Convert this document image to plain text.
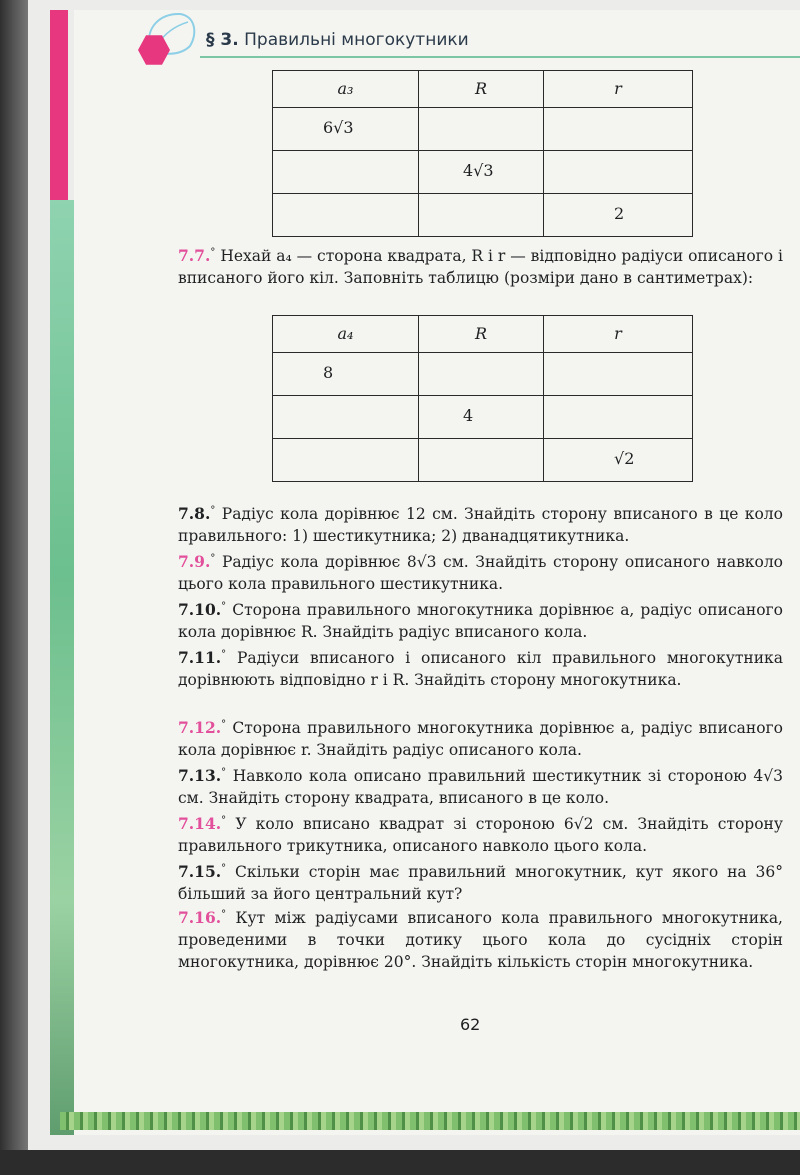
§ 3. Правильні многокутники
a₃	R	r

6√3		

	4√3	

		2
7.7.° Нехай a₄ — сторона квадрата, R і r — відповідно радіуси описаного і вписаного його кіл. Заповніть таблицю (розміри дано в сантиметрах):
a₄	R	r

8		

	4	

		√2
7.8.° Радіус кола дорівнює 12 см. Знайдіть сторону вписаного в це коло правильного: 1) шестикутника; 2) дванадцятикутника.
7.9.° Радіус кола дорівнює 8√3 см. Знайдіть сторону описаного навколо цього кола правильного шестикутника.
7.10.° Сторона правильного многокутника дорівнює a, радіус описаного кола дорівнює R. Знайдіть радіус вписаного кола.
7.11.° Радіуси вписаного і описаного кіл правильного многокутника дорівнюють відповідно r і R. Знайдіть сторону многокутника.
7.12.° Сторона правильного многокутника дорівнює a, радіус вписаного кола дорівнює r. Знайдіть радіус описаного кола.
7.13.° Навколо кола описано правильний шестикутник зі стороною 4√3 см. Знайдіть сторону квадрата, вписаного в це коло.
7.14.° У коло вписано квадрат зі стороною 6√2 см. Знайдіть сторону правильного трикутника, описаного навколо цього кола.
7.15.° Скільки сторін має правильний многокутник, кут якого на 36° більший за його центральний кут?
7.16.° Кут між радіусами вписаного кола правильного многокутника, проведеними в точки дотику цього кола до сусідніх сторін многокутника, дорівнює 20°. Знайдіть кількість сторін многокутника.
62
